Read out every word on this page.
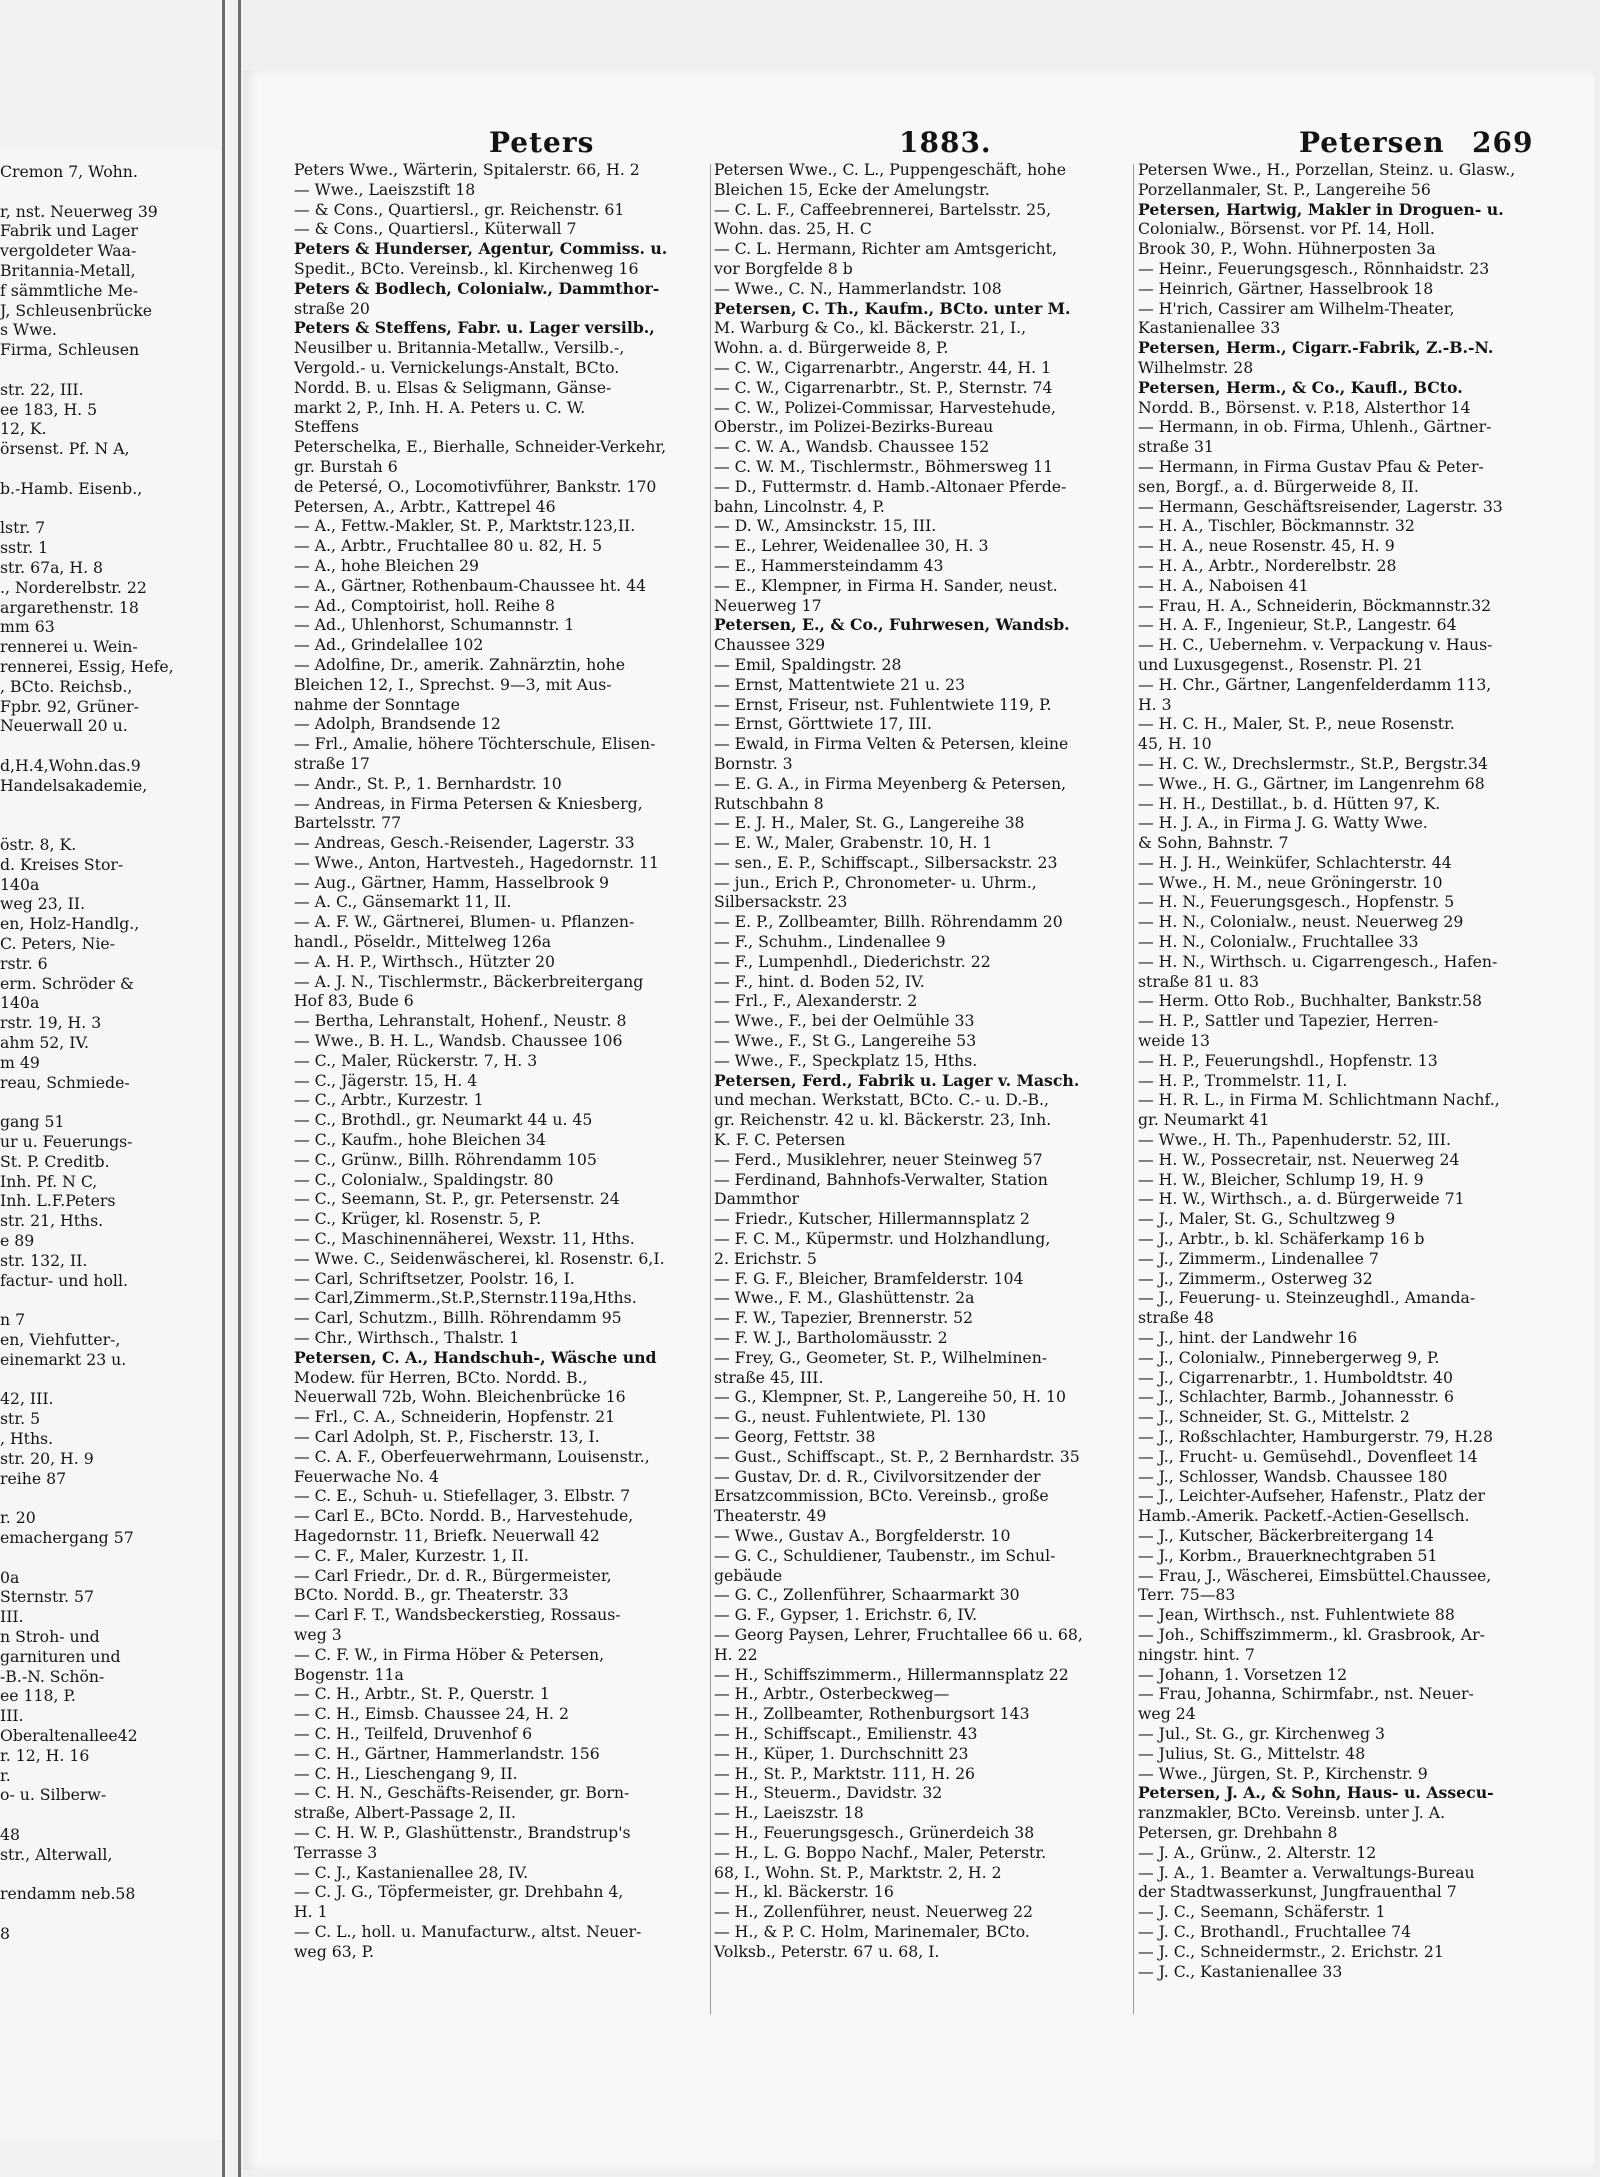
Cremon 7, Wohn.
r, nst. Neuerweg 39
Fabrik und Lager
vergoldeter Waa-
Britannia-Metall,
f sämmtliche Me-
J, Schleusenbrücke
s Wwe.
Firma, Schleusen
str. 22, III.
ee 183, H. 5
12, K.
örsenst. Pf. N A,
b.-Hamb. Eisenb.,
lstr. 7
sstr. 1
str. 67a, H. 8
., Norderelbstr. 22
argarethenstr. 18
mm 63
rennerei u. Wein-
rennerei, Essig, Hefe,
, BCto. Reichsb.,
Fpbr. 92, Grüner-
Neuerwall 20 u.
d,H.4,Wohn.das.9
Handelsakademie,
östr. 8, K.
d. Kreises Stor-
140a
weg 23, II.
en, Holz-Handlg.,
C. Peters, Nie-
rstr. 6
erm. Schröder &
140a
rstr. 19, H. 3
ahm 52, IV.
m 49
reau, Schmiede-
gang 51
ur u. Feuerungs-
St. P. Creditb.
Inh. Pf. N C,
Inh. L.F.Peters
str. 21, Hths.
e 89
str. 132, II.
factur- und holl.
n 7
en, Viehfutter-,
einemarkt 23 u.
42, III.
str. 5
, Hths.
str. 20, H. 9
reihe 87
r. 20
emachergang 57
0a
Sternstr. 57
III.
n Stroh- und
garnituren und
-B.-N. Schön-
ee 118, P.
III.
Oberaltenallee42
r. 12, H. 16
r.
o- u. Silberw-
48
str., Alterwall,
rendamm neb.58
8
Peters	1883.	Petersen 269
Peters Wwe., Wärterin, Spitalerstr. 66, H. 2
— Wwe., Laeiszstift 18
— & Cons., Quartiersl., gr. Reichenstr. 61
— & Cons., Quartiersl., Küterwall 7
Peters & Hunderser, Agentur, Commiss. u.
Spedit., BCto. Vereinsb., kl. Kirchenweg 16
Peters & Bodlech, Colonialw., Dammthor-
straße 20
Peters & Steffens, Fabr. u. Lager versilb.,
Neusilber u. Britannia-Metallw., Versilb.-,
Vergold.- u. Vernickelungs-Anstalt, BCto.
Nordd. B. u. Elsas & Seligmann, Gänse-
markt 2, P., Inh. H. A. Peters u. C. W.
Steffens
Peterschelka, E., Bierhalle, Schneider-Verkehr,
gr. Burstah 6
de Petersé, O., Locomotivführer, Bankstr. 170
Petersen, A., Arbtr., Kattrepel 46
— A., Fettw.-Makler, St. P., Marktstr.123,II.
— A., Arbtr., Fruchtallee 80 u. 82, H. 5
— A., hohe Bleichen 29
— A., Gärtner, Rothenbaum-Chaussee ht. 44
— Ad., Comptoirist, holl. Reihe 8
— Ad., Uhlenhorst, Schumannstr. 1
— Ad., Grindelallee 102
— Adolfine, Dr., amerik. Zahnärztin, hohe
Bleichen 12, I., Sprechst. 9—3, mit Aus-
nahme der Sonntage
— Adolph, Brandsende 12
— Frl., Amalie, höhere Töchterschule, Elisen-
straße 17
— Andr., St. P., 1. Bernhardstr. 10
— Andreas, in Firma Petersen & Kniesberg,
Bartelsstr. 77
— Andreas, Gesch.-Reisender, Lagerstr. 33
— Wwe., Anton, Hartvesteh., Hagedornstr. 11
— Aug., Gärtner, Hamm, Hasselbrook 9
— A. C., Gänsemarkt 11, II.
— A. F. W., Gärtnerei, Blumen- u. Pflanzen-
handl., Pöseldr., Mittelweg 126a
— A. H. P., Wirthsch., Hützter 20
— A. J. N., Tischlermstr., Bäckerbreitergang
Hof 83, Bude 6
— Bertha, Lehranstalt, Hohenf., Neustr. 8
— Wwe., B. H. L., Wandsb. Chaussee 106
— C., Maler, Rückerstr. 7, H. 3
— C., Jägerstr. 15, H. 4
— C., Arbtr., Kurzestr. 1
— C., Brothdl., gr. Neumarkt 44 u. 45
— C., Kaufm., hohe Bleichen 34
— C., Grünw., Billh. Röhrendamm 105
— C., Colonialw., Spaldingstr. 80
— C., Seemann, St. P., gr. Petersenstr. 24
— C., Krüger, kl. Rosenstr. 5, P.
— C., Maschinennäherei, Wexstr. 11, Hths.
— Wwe. C., Seidenwäscherei, kl. Rosenstr. 6,I.
— Carl, Schriftsetzer, Poolstr. 16, I.
— Carl,Zimmerm.,St.P.,Sternstr.119a,Hths.
— Carl, Schutzm., Billh. Röhrendamm 95
— Chr., Wirthsch., Thalstr. 1
Petersen, C. A., Handschuh-, Wäsche und
Modew. für Herren, BCto. Nordd. B.,
Neuerwall 72b, Wohn. Bleichenbrücke 16
— Frl., C. A., Schneiderin, Hopfenstr. 21
— Carl Adolph, St. P., Fischerstr. 13, I.
— C. A. F., Oberfeuerwehrmann, Louisenstr.,
Feuerwache No. 4
— C. E., Schuh- u. Stiefellager, 3. Elbstr. 7
— Carl E., BCto. Nordd. B., Harvestehude,
Hagedornstr. 11, Briefk. Neuerwall 42
— C. F., Maler, Kurzestr. 1, II.
— Carl Friedr., Dr. d. R., Bürgermeister,
BCto. Nordd. B., gr. Theaterstr. 33
— Carl F. T., Wandsbeckerstieg, Rossaus-
weg 3
— C. F. W., in Firma Höber & Petersen,
Bogenstr. 11a
— C. H., Arbtr., St. P., Querstr. 1
— C. H., Eimsb. Chaussee 24, H. 2
— C. H., Teilfeld, Druvenhof 6
— C. H., Gärtner, Hammerlandstr. 156
— C. H., Lieschengang 9, II.
— C. H. N., Geschäfts-Reisender, gr. Born-
straße, Albert-Passage 2, II.
— C. H. W. P., Glashüttenstr., Brandstrup's
Terrasse 3
— C. J., Kastanienallee 28, IV.
— C. J. G., Töpfermeister, gr. Drehbahn 4,
H. 1
— C. L., holl. u. Manufacturw., altst. Neuer-
weg 63, P.
Petersen Wwe., C. L., Puppengeschäft, hohe
Bleichen 15, Ecke der Amelungstr.
— C. L. F., Caffeebrennerei, Bartelsstr. 25,
Wohn. das. 25, H. C
— C. L. Hermann, Richter am Amtsgericht,
vor Borgfelde 8 b
— Wwe., C. N., Hammerlandstr. 108
Petersen, C. Th., Kaufm., BCto. unter M.
M. Warburg & Co., kl. Bäckerstr. 21, I.,
Wohn. a. d. Bürgerweide 8, P.
— C. W., Cigarrenarbtr., Angerstr. 44, H. 1
— C. W., Cigarrenarbtr., St. P., Sternstr. 74
— C. W., Polizei-Commissar, Harvestehude,
Oberstr., im Polizei-Bezirks-Bureau
— C. W. A., Wandsb. Chaussee 152
— C. W. M., Tischlermstr., Böhmersweg 11
— D., Futtermstr. d. Hamb.-Altonaer Pferde-
bahn, Lincolnstr. 4, P.
— D. W., Amsinckstr. 15, III.
— E., Lehrer, Weidenallee 30, H. 3
— E., Hammersteindamm 43
— E., Klempner, in Firma H. Sander, neust.
Neuerweg 17
Petersen, E., & Co., Fuhrwesen, Wandsb.
Chaussee 329
— Emil, Spaldingstr. 28
— Ernst, Mattentwiete 21 u. 23
— Ernst, Friseur, nst. Fuhlentwiete 119, P.
— Ernst, Görttwiete 17, III.
— Ewald, in Firma Velten & Petersen, kleine
Bornstr. 3
— E. G. A., in Firma Meyenberg & Petersen,
Rutschbahn 8
— E. J. H., Maler, St. G., Langereihe 38
— E. W., Maler, Grabenstr. 10, H. 1
— sen., E. P., Schiffscapt., Silbersackstr. 23
— jun., Erich P., Chronometer- u. Uhrm.,
Silbersackstr. 23
— E. P., Zollbeamter, Billh. Röhrendamm 20
— F., Schuhm., Lindenallee 9
— F., Lumpenhdl., Diederichstr. 22
— F., hint. d. Boden 52, IV.
— Frl., F., Alexanderstr. 2
— Wwe., F., bei der Oelmühle 33
— Wwe., F., St G., Langereihe 53
— Wwe., F., Speckplatz 15, Hths.
Petersen, Ferd., Fabrik u. Lager v. Masch.
und mechan. Werkstatt, BCto. C.- u. D.-B.,
gr. Reichenstr. 42 u. kl. Bäckerstr. 23, Inh.
K. F. C. Petersen
— Ferd., Musiklehrer, neuer Steinweg 57
— Ferdinand, Bahnhofs-Verwalter, Station
Dammthor
— Friedr., Kutscher, Hillermannsplatz 2
— F. C. M., Küpermstr. und Holzhandlung,
2. Erichstr. 5
— F. G. F., Bleicher, Bramfelderstr. 104
— Wwe., F. M., Glashüttenstr. 2a
— F. W., Tapezier, Brennerstr. 52
— F. W. J., Bartholomäusstr. 2
— Frey, G., Geometer, St. P., Wilhelminen-
straße 45, III.
— G., Klempner, St. P., Langereihe 50, H. 10
— G., neust. Fuhlentwiete, Pl. 130
— Georg, Fettstr. 38
— Gust., Schiffscapt., St. P., 2 Bernhardstr. 35
— Gustav, Dr. d. R., Civilvorsitzender der
Ersatzcommission, BCto. Vereinsb., große
Theaterstr. 49
— Wwe., Gustav A., Borgfelderstr. 10
— G. C., Schuldiener, Taubenstr., im Schul-
gebäude
— G. C., Zollenführer, Schaarmarkt 30
— G. F., Gypser, 1. Erichstr. 6, IV.
— Georg Paysen, Lehrer, Fruchtallee 66 u. 68,
H. 22
— H., Schiffszimmerm., Hillermannsplatz 22
— H., Arbtr., Osterbeckweg—
— H., Zollbeamter, Rothenburgsort 143
— H., Schiffscapt., Emilienstr. 43
— H., Küper, 1. Durchschnitt 23
— H., St. P., Marktstr. 111, H. 26
— H., Steuerm., Davidstr. 32
— H., Laeiszstr. 18
— H., Feuerungsgesch., Grünerdeich 38
— H., L. G. Boppo Nachf., Maler, Peterstr.
68, I., Wohn. St. P., Marktstr. 2, H. 2
— H., kl. Bäckerstr. 16
— H., Zollenführer, neust. Neuerweg 22
— H., & P. C. Holm, Marinemaler, BCto.
Volksb., Peterstr. 67 u. 68, I.
Petersen Wwe., H., Porzellan, Steinz. u. Glasw.,
Porzellanmaler, St. P., Langereihe 56
Petersen, Hartwig, Makler in Droguen- u.
Colonialw., Börsenst. vor Pf. 14, Holl.
Brook 30, P., Wohn. Hühnerposten 3a
— Heinr., Feuerungsgesch., Rönnhaidstr. 23
— Heinrich, Gärtner, Hasselbrook 18
— H'rich, Cassirer am Wilhelm-Theater,
Kastanienallee 33
Petersen, Herm., Cigarr.-Fabrik, Z.-B.-N.
Wilhelmstr. 28
Petersen, Herm., & Co., Kaufl., BCto.
Nordd. B., Börsenst. v. P.18, Alsterthor 14
— Hermann, in ob. Firma, Uhlenh., Gärtner-
straße 31
— Hermann, in Firma Gustav Pfau & Peter-
sen, Borgf., a. d. Bürgerweide 8, II.
— Hermann, Geschäftsreisender, Lagerstr. 33
— H. A., Tischler, Böckmannstr. 32
— H. A., neue Rosenstr. 45, H. 9
— H. A., Arbtr., Norderelbstr. 28
— H. A., Naboisen 41
— Frau, H. A., Schneiderin, Böckmannstr.32
— H. A. F., Ingenieur, St.P., Langestr. 64
— H. C., Uebernehm. v. Verpackung v. Haus-
und Luxusgegenst., Rosenstr. Pl. 21
— H. Chr., Gärtner, Langenfelderdamm 113,
H. 3
— H. C. H., Maler, St. P., neue Rosenstr.
45, H. 10
— H. C. W., Drechslermstr., St.P., Bergstr.34
— Wwe., H. G., Gärtner, im Langenrehm 68
— H. H., Destillat., b. d. Hütten 97, K.
— H. J. A., in Firma J. G. Watty Wwe.
& Sohn, Bahnstr. 7
— H. J. H., Weinküfer, Schlachterstr. 44
— Wwe., H. M., neue Gröningerstr. 10
— H. N., Feuerungsgesch., Hopfenstr. 5
— H. N., Colonialw., neust. Neuerweg 29
— H. N., Colonialw., Fruchtallee 33
— H. N., Wirthsch. u. Cigarrengesch., Hafen-
straße 81 u. 83
— Herm. Otto Rob., Buchhalter, Bankstr.58
— H. P., Sattler und Tapezier, Herren-
weide 13
— H. P., Feuerungshdl., Hopfenstr. 13
— H. P., Trommelstr. 11, I.
— H. R. L., in Firma M. Schlichtmann Nachf.,
gr. Neumarkt 41
— Wwe., H. Th., Papenhuderstr. 52, III.
— H. W., Possecretair, nst. Neuerweg 24
— H. W., Bleicher, Schlump 19, H. 9
— H. W., Wirthsch., a. d. Bürgerweide 71
— J., Maler, St. G., Schultzweg 9
— J., Arbtr., b. kl. Schäferkamp 16 b
— J., Zimmerm., Lindenallee 7
— J., Zimmerm., Osterweg 32
— J., Feuerung- u. Steinzeughdl., Amanda-
straße 48
— J., hint. der Landwehr 16
— J., Colonialw., Pinnebergerweg 9, P.
— J., Cigarrenarbtr., 1. Humboldtstr. 40
— J., Schlachter, Barmb., Johannesstr. 6
— J., Schneider, St. G., Mittelstr. 2
— J., Roßschlachter, Hamburgerstr. 79, H.28
— J., Frucht- u. Gemüsehdl., Dovenfleet 14
— J., Schlosser, Wandsb. Chaussee 180
— J., Leichter-Aufseher, Hafenstr., Platz der
Hamb.-Amerik. Packetf.-Actien-Gesellsch.
— J., Kutscher, Bäckerbreitergang 14
— J., Korbm., Brauerknechtgraben 51
— Frau, J., Wäscherei, Eimsbüttel.Chaussee,
Terr. 75—83
— Jean, Wirthsch., nst. Fuhlentwiete 88
— Joh., Schiffszimmerm., kl. Grasbrook, Ar-
ningstr. hint. 7
— Johann, 1. Vorsetzen 12
— Frau, Johanna, Schirmfabr., nst. Neuer-
weg 24
— Jul., St. G., gr. Kirchenweg 3
— Julius, St. G., Mittelstr. 48
— Wwe., Jürgen, St. P., Kirchenstr. 9
Petersen, J. A., & Sohn, Haus- u. Assecu-
ranzmakler, BCto. Vereinsb. unter J. A.
Petersen, gr. Drehbahn 8
— J. A., Grünw., 2. Alterstr. 12
— J. A., 1. Beamter a. Verwaltungs-Bureau
der Stadtwasserkunst, Jungfrauenthal 7
— J. C., Seemann, Schäferstr. 1
— J. C., Brothandl., Fruchtallee 74
— J. C., Schneidermstr., 2. Erichstr. 21
— J. C., Kastanienallee 33
